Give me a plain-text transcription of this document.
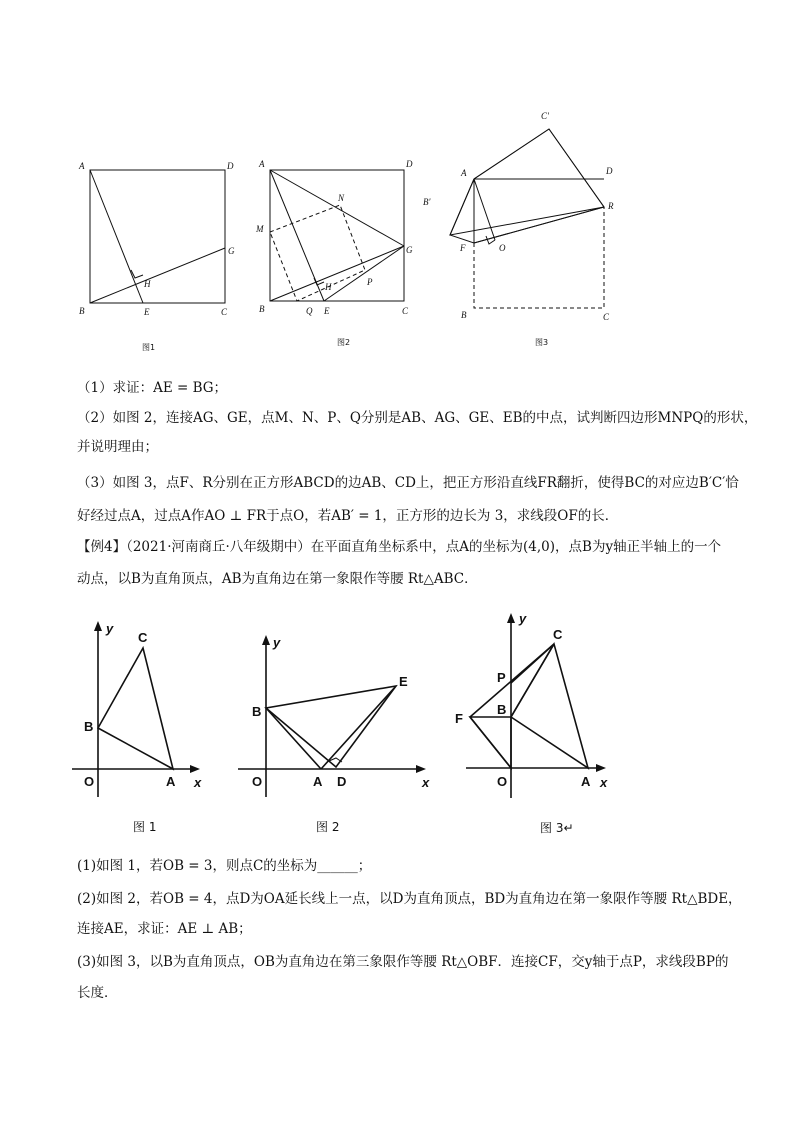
A	D
G
H
B	E	C
图1
A	D
N
M
G
H	P
B	Q E	C
图2
C'
A	D
B'	R
F	O
B	C
图3

（1）求证：AE = BG；

（2）如图 2，连接AG、GE，点M、N、P、Q分别是AB、AG、GE、EB的中点，试判断四边形MNPQ的形状，

并说明理由；

（3）如图 3，点F、R分别在正方形ABCD的边AB、CD上，把正方形沿直线FR翻折，使得BC的对应边B′C′恰

好经过点A，过点A作AO ⊥ FR于点O，若AB′ = 1，正方形的边长为 3，求线段OF的长．

【例4】（2021·河南商丘·八年级期中）在平面直角坐标系中，点A的坐标为(4,0)，点B为y轴正半轴上的一个

动点，以B为直角顶点，AB为直角边在第一象限作等腰 Rt△ABC．

y
C
B
O	A x
图 1
y
E
B
O	A D	x
图 2
y
C
P
B
F
O	A x
图 3↵

(1)如图 1，若OB = 3，则点C的坐标为______；

(2)如图 2，若OB = 4，点D为OA延长线上一点，以D为直角顶点，BD为直角边在第一象限作等腰 Rt△BDE，

连接AE，求证：AE ⊥ AB；

(3)如图 3，以B为直角顶点，OB为直角边在第三象限作等腰 Rt△OBF．连接CF，交y轴于点P，求线段BP的

长度．
